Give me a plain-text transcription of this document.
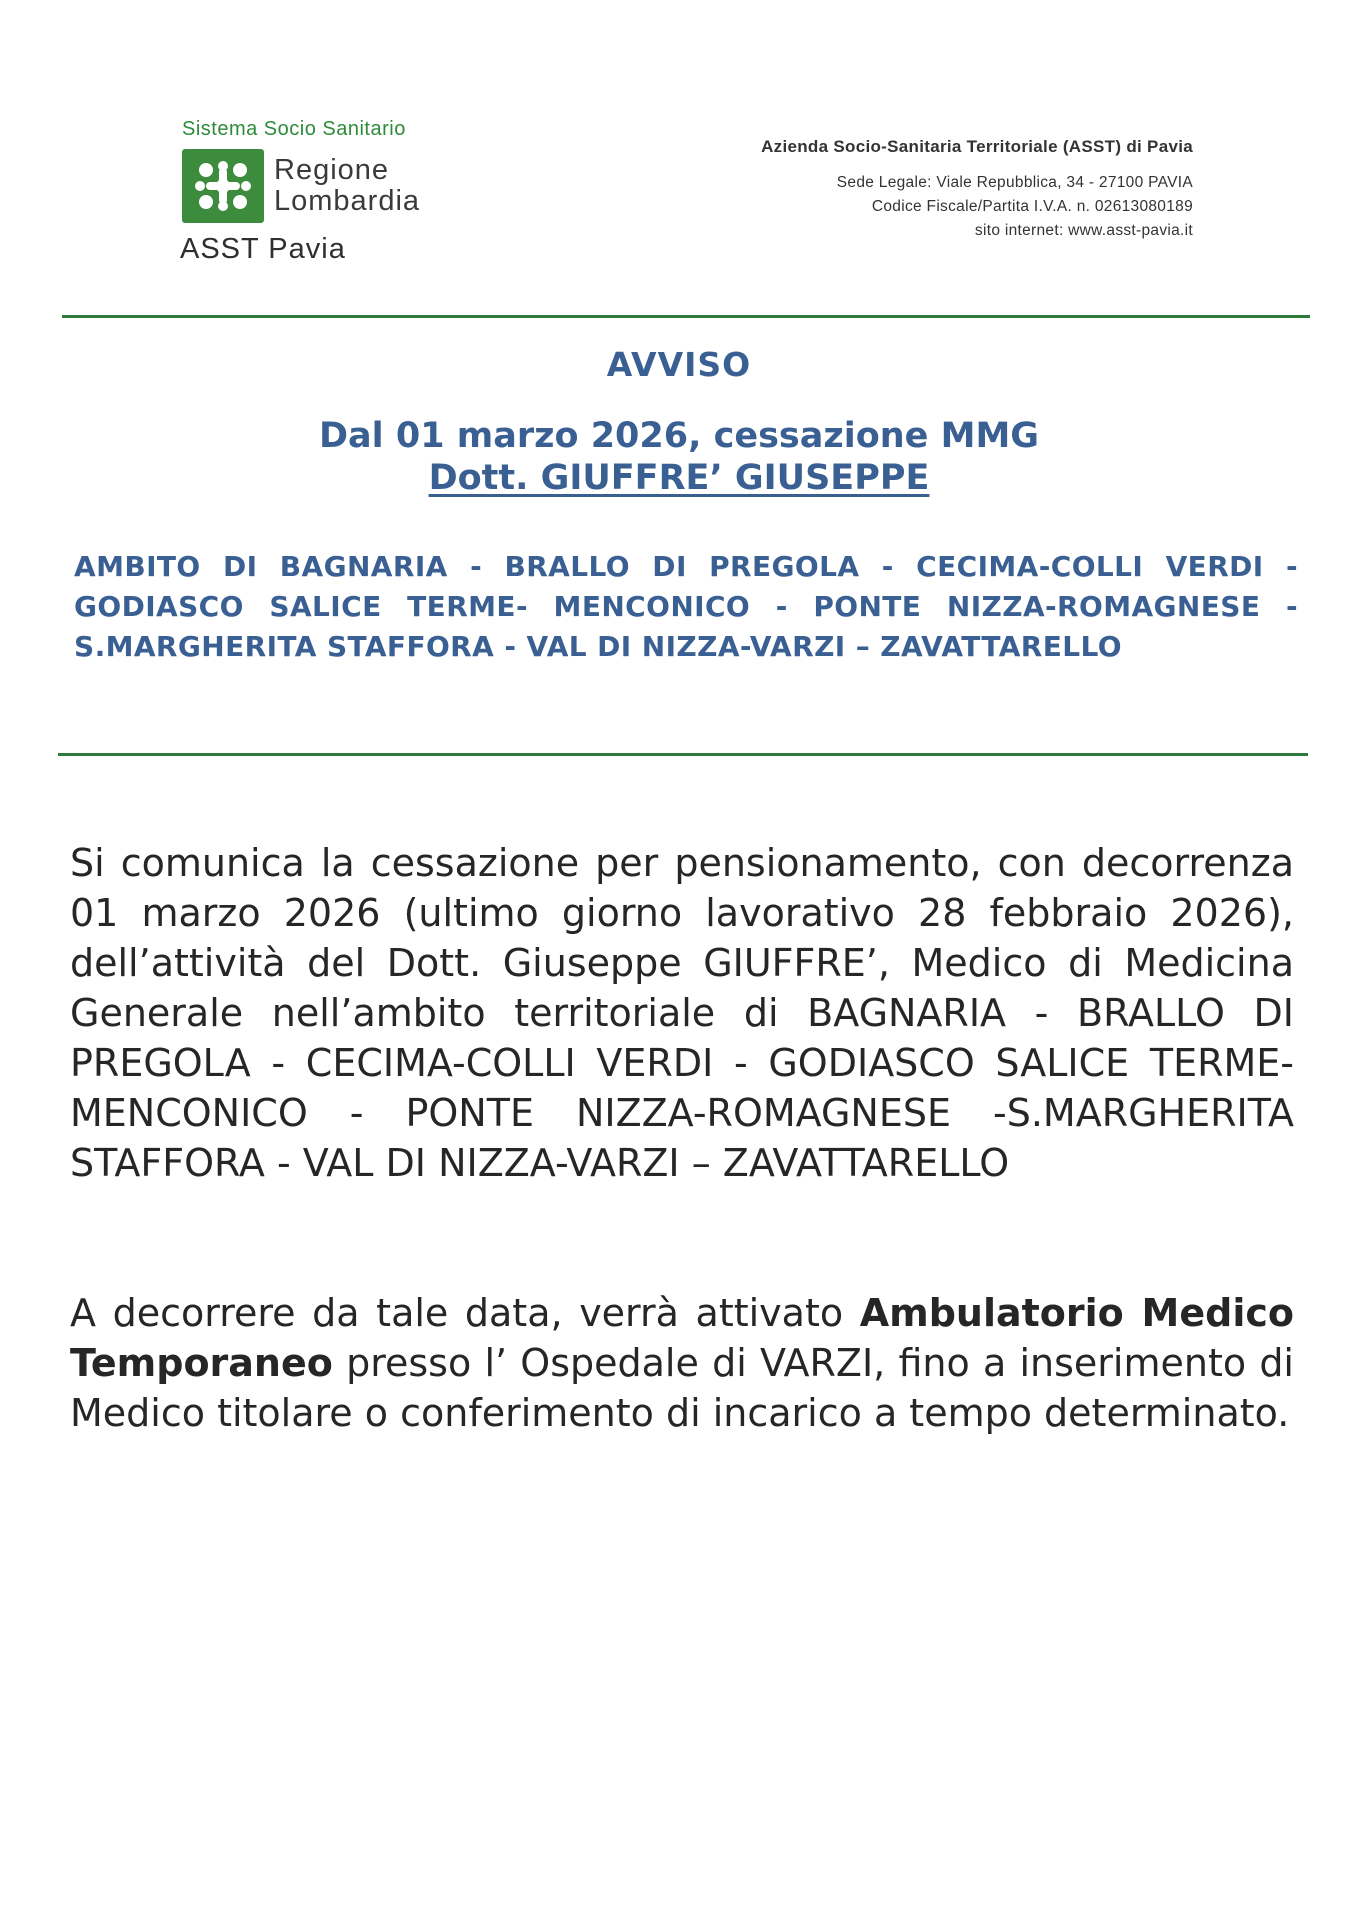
Sistema Socio Sanitario
Regione
Lombardia
ASST Pavia
Azienda Socio-Sanitaria Territoriale (ASST) di Pavia
Sede Legale: Viale Repubblica, 34 - 27100 PAVIA
Codice Fiscale/Partita I.V.A. n. 02613080189
sito internet: www.asst-pavia.it
AVVISO
Dal 01 marzo 2026, cessazione MMG
Dott. GIUFFRE’ GIUSEPPE
AMBITO DI BAGNARIA - BRALLO DI PREGOLA - CECIMA-COLLI VERDI - GODIASCO SALICE TERME- MENCONICO - PONTE NIZZA-ROMAGNESE -S.MARGHERITA STAFFORA - VAL DI NIZZA-VARZI – ZAVATTARELLO
Si comunica la cessazione per pensionamento, con decorrenza 01 marzo 2026 (ultimo giorno lavorativo 28 febbraio 2026), dell’attività del Dott. Giuseppe GIUFFRE’, Medico di Medicina Generale nell’ambito territoriale di BAGNARIA - BRALLO DI PREGOLA - CECIMA-COLLI VERDI - GODIASCO SALICE TERME- MENCONICO - PONTE NIZZA-ROMAGNESE -S.MARGHERITA STAFFORA - VAL DI NIZZA-VARZI – ZAVATTARELLO
A decorrere da tale data, verrà attivato Ambulatorio Medico Temporaneo presso l’ Ospedale di VARZI, fino a inserimento di Medico titolare o conferimento di incarico a tempo determinato.
